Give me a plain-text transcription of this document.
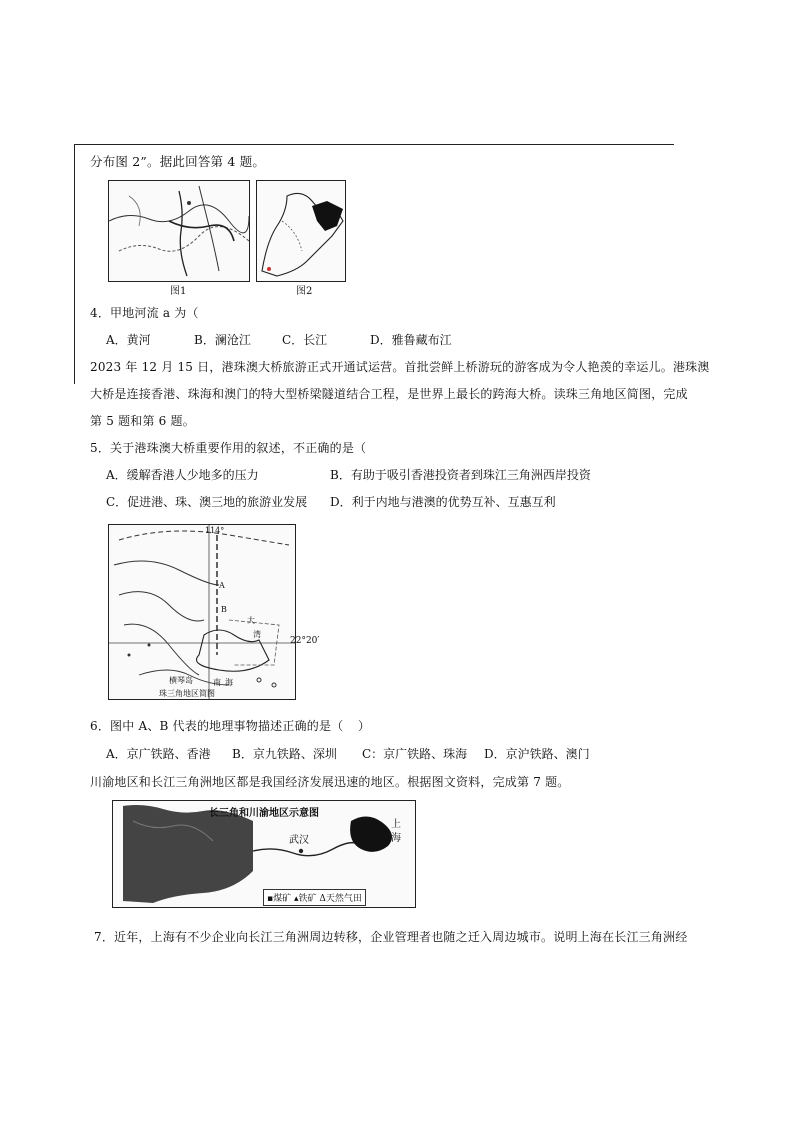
分布图 2”。据此回答第 4 题。
图1	图2
4．甲地河流 a 为（
A．黄河	B．澜沧江	C．长江	D．雅鲁藏布江
2023 年 12 月 15 日，港珠澳大桥旅游正式开通试运营。首批尝鲜上桥游玩的游客成为令人艳羡的幸运儿。港珠澳
大桥是连接香港、珠海和澳门的特大型桥梁隧道结合工程，是世界上最长的跨海大桥。读珠三角地区简图，完成
第 5 题和第 6 题。
5．关于港珠澳大桥重要作用的叙述，不正确的是（
A．缓解香港人少地多的压力	B．有助于吸引香港投资者到珠江三角洲西岸投资
C．促进港、珠、澳三地的旅游业发展 D．利于内地与港澳的优势互补、互惠互利
114°
A
B
大
湾
横琴岛	南 海
珠三角地区简图
22°20′
6．图中 A、B 代表的地理事物描述正确的是（ ）
A．京广铁路、香港 B．京九铁路、深圳 C：京广铁路、珠海 D．京沪铁路、澳门
川渝地区和长江三角洲地区都是我国经济发展迅速的地区。根据图文资料，完成第 7 题。
长三角和川渝地区示意图
武汉
上
海
▪煤矿 ▴铁矿 Δ天然气田
7．近年，上海有不少企业向长江三角洲周边转移，企业管理者也随之迁入周边城市。说明上海在长江三角洲经
